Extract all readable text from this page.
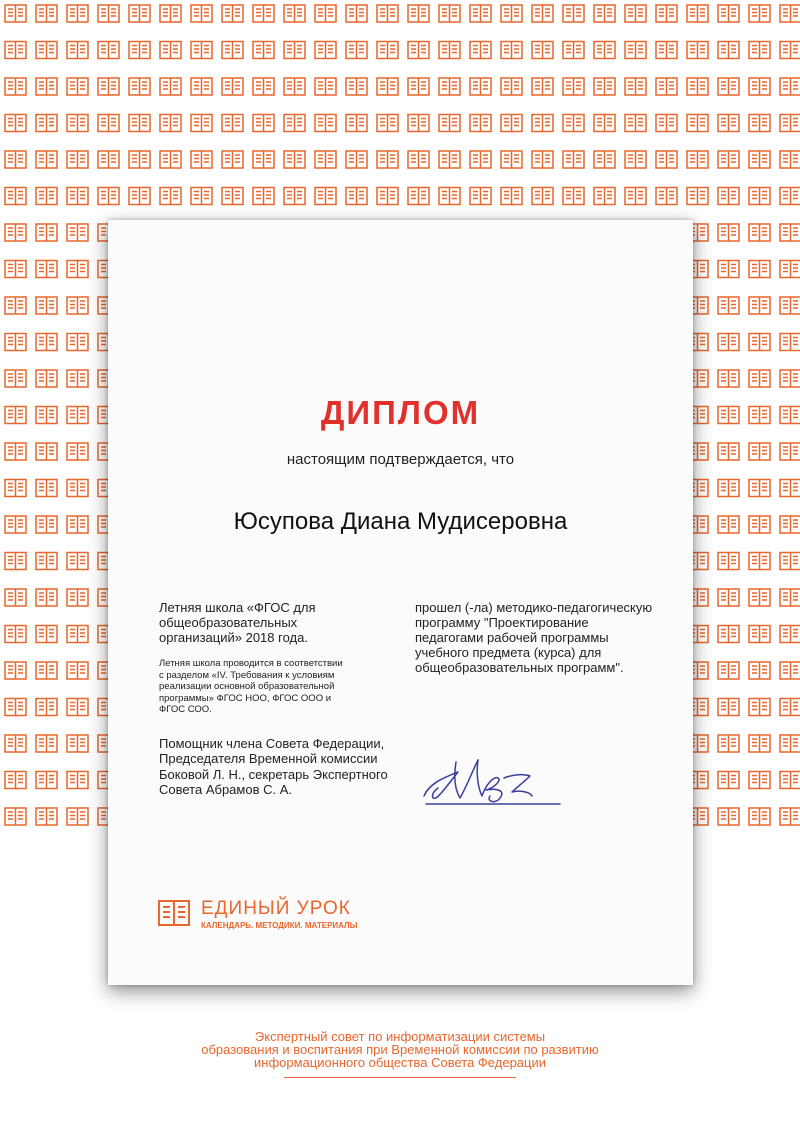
ДИПЛОМ
настоящим подтверждается, что
Юсупова Диана Мудисеровна

Летняя школа «ФГОС для
общеобразовательных
организаций» 2018 года.

Летняя школа проводится в соответствии
с разделом «IV. Требования к условиям
реализации основной образовательной
программы» ФГОС НОО, ФГОС ООО и
ФГОС СОО.

Помощник члена Совета Федерации,
Председателя Временной комиссии
Боковой Л. Н., секретарь Экспертного
Совета Абрамов С. А.

прошел (-ла) методико-педагогическую
программу "Проектирование
педагогами рабочей программы
учебного предмета (курса) для
общеобразовательных программ".
ЕДИНЫЙ УРОК
КАЛЕНДАРЬ. МЕТОДИКИ. МАТЕРИАЛЫ
Экспертный совет по информатизации системы
образования и воспитания при Временной комиссии по развитию
информационного общества Совета Федерации
